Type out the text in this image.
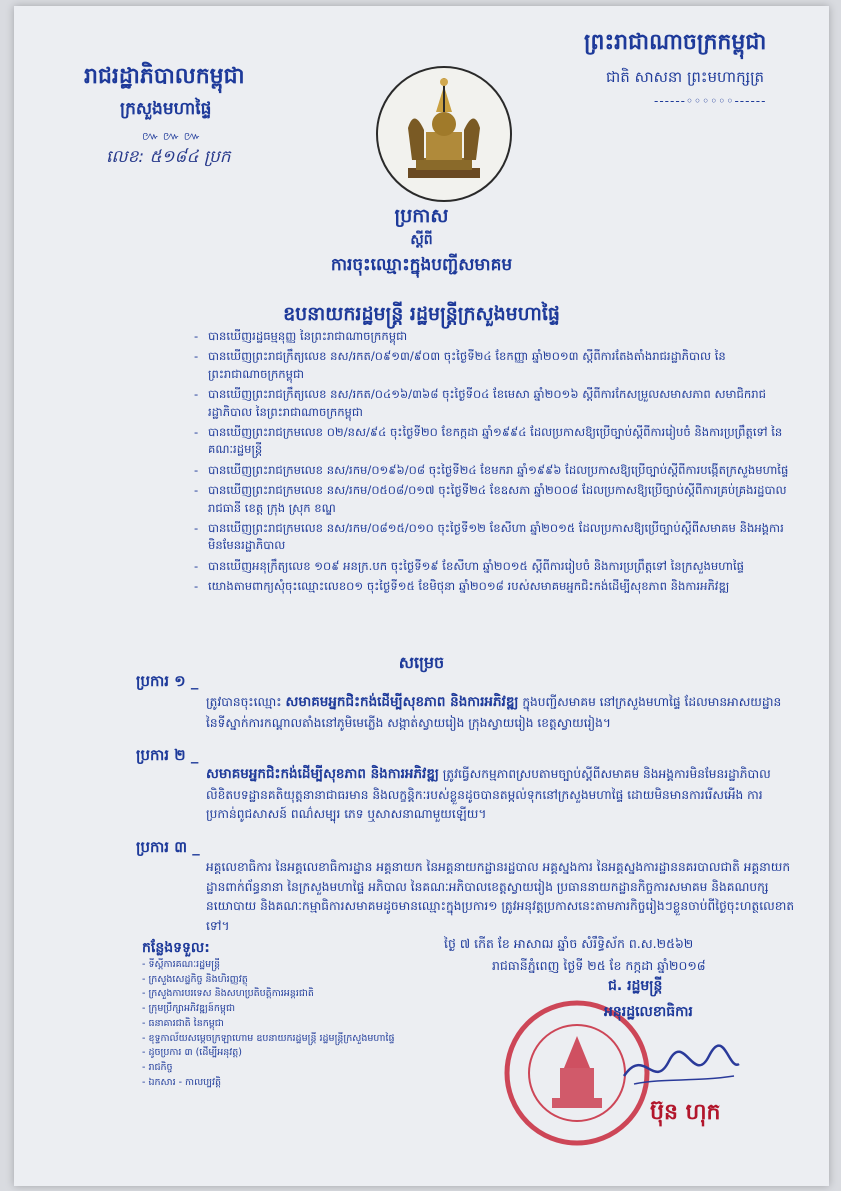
ព្រះរាជាណាចក្រកម្ពុជា
ជាតិ សាសនា ព្រះមហាក្សត្រ
------◦◦◦◦◦◦------
រាជរដ្ឋាភិបាលកម្ពុជា
ក្រសួងមហាផ្ទៃ
៚ ៚ ៚
លេខ: ៥១៨៤ ប្រក
ប្រកាស
ស្តីពី
ការចុះឈ្មោះក្នុងបញ្ជីសមាគម
ឧបនាយករដ្ឋមន្ត្រី រដ្ឋមន្ត្រីក្រសួងមហាផ្ទៃ
- បានឃើញរដ្ឋធម្មនុញ្ញ នៃព្រះរាជាណាចក្រកម្ពុជា
- បានឃើញព្រះរាជក្រឹត្យលេខ នស/រកត/០៩១៣/៩០៣ ចុះថ្ងៃទី២៤ ខែកញ្ញា ឆ្នាំ២០១៣ ស្តីពីការតែងតាំងរាជរដ្ឋាភិបាល នៃព្រះរាជាណាចក្រកម្ពុជា
- បានឃើញព្រះរាជក្រឹត្យលេខ នស/រកត/០៤១៦/៣៦៨ ចុះថ្ងៃទី០៤ ខែមេសា ឆ្នាំ២០១៦ ស្តីពីការកែសម្រួលសមាសភាព សមាជិករាជរដ្ឋាភិបាល នៃព្រះរាជាណាចក្រកម្ពុជា
- បានឃើញព្រះរាជក្រមលេខ ០២/នស/៩៤ ចុះថ្ងៃទី២០ ខែកក្កដា ឆ្នាំ១៩៩៤ ដែលប្រកាសឱ្យប្រើច្បាប់ស្តីពីការរៀបចំ និងការប្រព្រឹត្តទៅ នៃគណៈរដ្ឋមន្ត្រី
- បានឃើញព្រះរាជក្រមលេខ នស/រកម/០១៩៦/០៨ ចុះថ្ងៃទី២៤ ខែមករា ឆ្នាំ១៩៩៦ ដែលប្រកាសឱ្យប្រើច្បាប់ស្តីពីការបង្កើតក្រសួងមហាផ្ទៃ
- បានឃើញព្រះរាជក្រមលេខ នស/រកម/០៥០៨/០១៧ ចុះថ្ងៃទី២៤ ខែឧសភា ឆ្នាំ២០០៨ ដែលប្រកាសឱ្យប្រើច្បាប់ស្តីពីការគ្រប់គ្រងរដ្ឋបាលរាជធានី ខេត្ត ក្រុង ស្រុក ខណ្ឌ
- បានឃើញព្រះរាជក្រមលេខ នស/រកម/០៨១៥/០១០ ចុះថ្ងៃទី១២ ខែសីហា ឆ្នាំ២០១៥ ដែលប្រកាសឱ្យប្រើច្បាប់ស្តីពីសមាគម និងអង្គការមិនមែនរដ្ឋាភិបាល
- បានឃើញអនុក្រឹត្យលេខ ១០៩ អនក្រ.បក ចុះថ្ងៃទី១៩ ខែសីហា ឆ្នាំ២០១៥ ស្តីពីការរៀបចំ និងការប្រព្រឹត្តទៅ នៃក្រសួងមហាផ្ទៃ
- យោងតាមពាក្យសុំចុះឈ្មោះលេខ០១ ចុះថ្ងៃទី១៥ ខែមិថុនា ឆ្នាំ២០១៨ របស់សមាគមអ្នកជិះកង់ដើម្បីសុខភាព និងការអភិវឌ្ឍ
សម្រេច
ប្រការ ១ _
ត្រូវបានចុះឈ្មោះ សមាគមអ្នកជិះកង់ដើម្បីសុខភាព និងការអភិវឌ្ឍ ក្នុងបញ្ជីសមាគម នៅក្រសួងមហាផ្ទៃ ដែលមានអាសយដ្ឋាន នៃទីស្នាក់ការកណ្តាលតាំងនៅភូមិមេភ្លើង សង្កាត់ស្វាយរៀង ក្រុងស្វាយរៀង ខេត្តស្វាយរៀង។
ប្រការ ២ _
សមាគមអ្នកជិះកង់ដើម្បីសុខភាព និងការអភិវឌ្ឍ ត្រូវធ្វើសកម្មភាពស្របតាមច្បាប់ស្តីពីសមាគម និងអង្គការមិនមែនរដ្ឋាភិបាល លិខិតបទដ្ឋានគតិយុត្តនានាជាធរមាន និងលក្ខន្តិកៈរបស់ខ្លួនដូចបានតម្កល់ទុកនៅក្រសួងមហាផ្ទៃ ដោយមិនមានការរើសអើង ការប្រកាន់ពូជសាសន៍ ពណ៌សម្បុរ ភេទ ឬសាសនាណាមួយឡើយ។
ប្រការ ៣ _
អគ្គលេខាធិការ នៃអគ្គលេខាធិការដ្ឋាន អគ្គនាយក នៃអគ្គនាយកដ្ឋានរដ្ឋបាល អគ្គស្នងការ នៃអគ្គស្នងការដ្ឋាននគរបាលជាតិ អគ្គនាយកដ្ឋានពាក់ព័ន្ធនានា នៃក្រសួងមហាផ្ទៃ អភិបាល នៃគណៈអភិបាលខេត្តស្វាយរៀង ប្រធាននាយកដ្ឋានកិច្ចការសមាគម និងគណបក្សនយោបាយ និងគណៈកម្មាធិការសមាគមដូចមានឈ្មោះក្នុងប្រការ១ ត្រូវអនុវត្តប្រកាសនេះតាមភារកិច្ចរៀងៗខ្លួនចាប់ពីថ្ងៃចុះហត្ថលេខាតទៅ។
កន្លែងទទួល:
- ទីស្តីការគណៈរដ្ឋមន្ត្រី
- ក្រសួងសេដ្ឋកិច្ច និងហិរញ្ញវត្ថុ
- ក្រសួងការបរទេស និងសហប្រតិបត្តិការអន្តរជាតិ
- ក្រុមប្រឹក្សាអភិវឌ្ឍន៍កម្ពុជា
- ធនាគារជាតិ នៃកម្ពុជា
- ខុទ្ទកាល័យសម្តេចក្រឡាហោម ឧបនាយករដ្ឋមន្ត្រី រដ្ឋមន្ត្រីក្រសួងមហាផ្ទៃ
- ដូចប្រការ ៣ (ដើម្បីអនុវត្ត)
- រាជកិច្ច
- ឯកសារ - កាលប្បវត្តិ
ថ្ងៃ ៧ កើត ខែ អាសាឍ ឆ្នាំច សំរឹទ្ធិស័ក ព.ស.២៥៦២
រាជធានីភ្នំពេញ ថ្ងៃទី ២៥ ខែ កក្កដា ឆ្នាំ២០១៨
ជ. រដ្ឋមន្ត្រី
អនុរដ្ឋលេខាធិការ
ប៊ុន ហុក
